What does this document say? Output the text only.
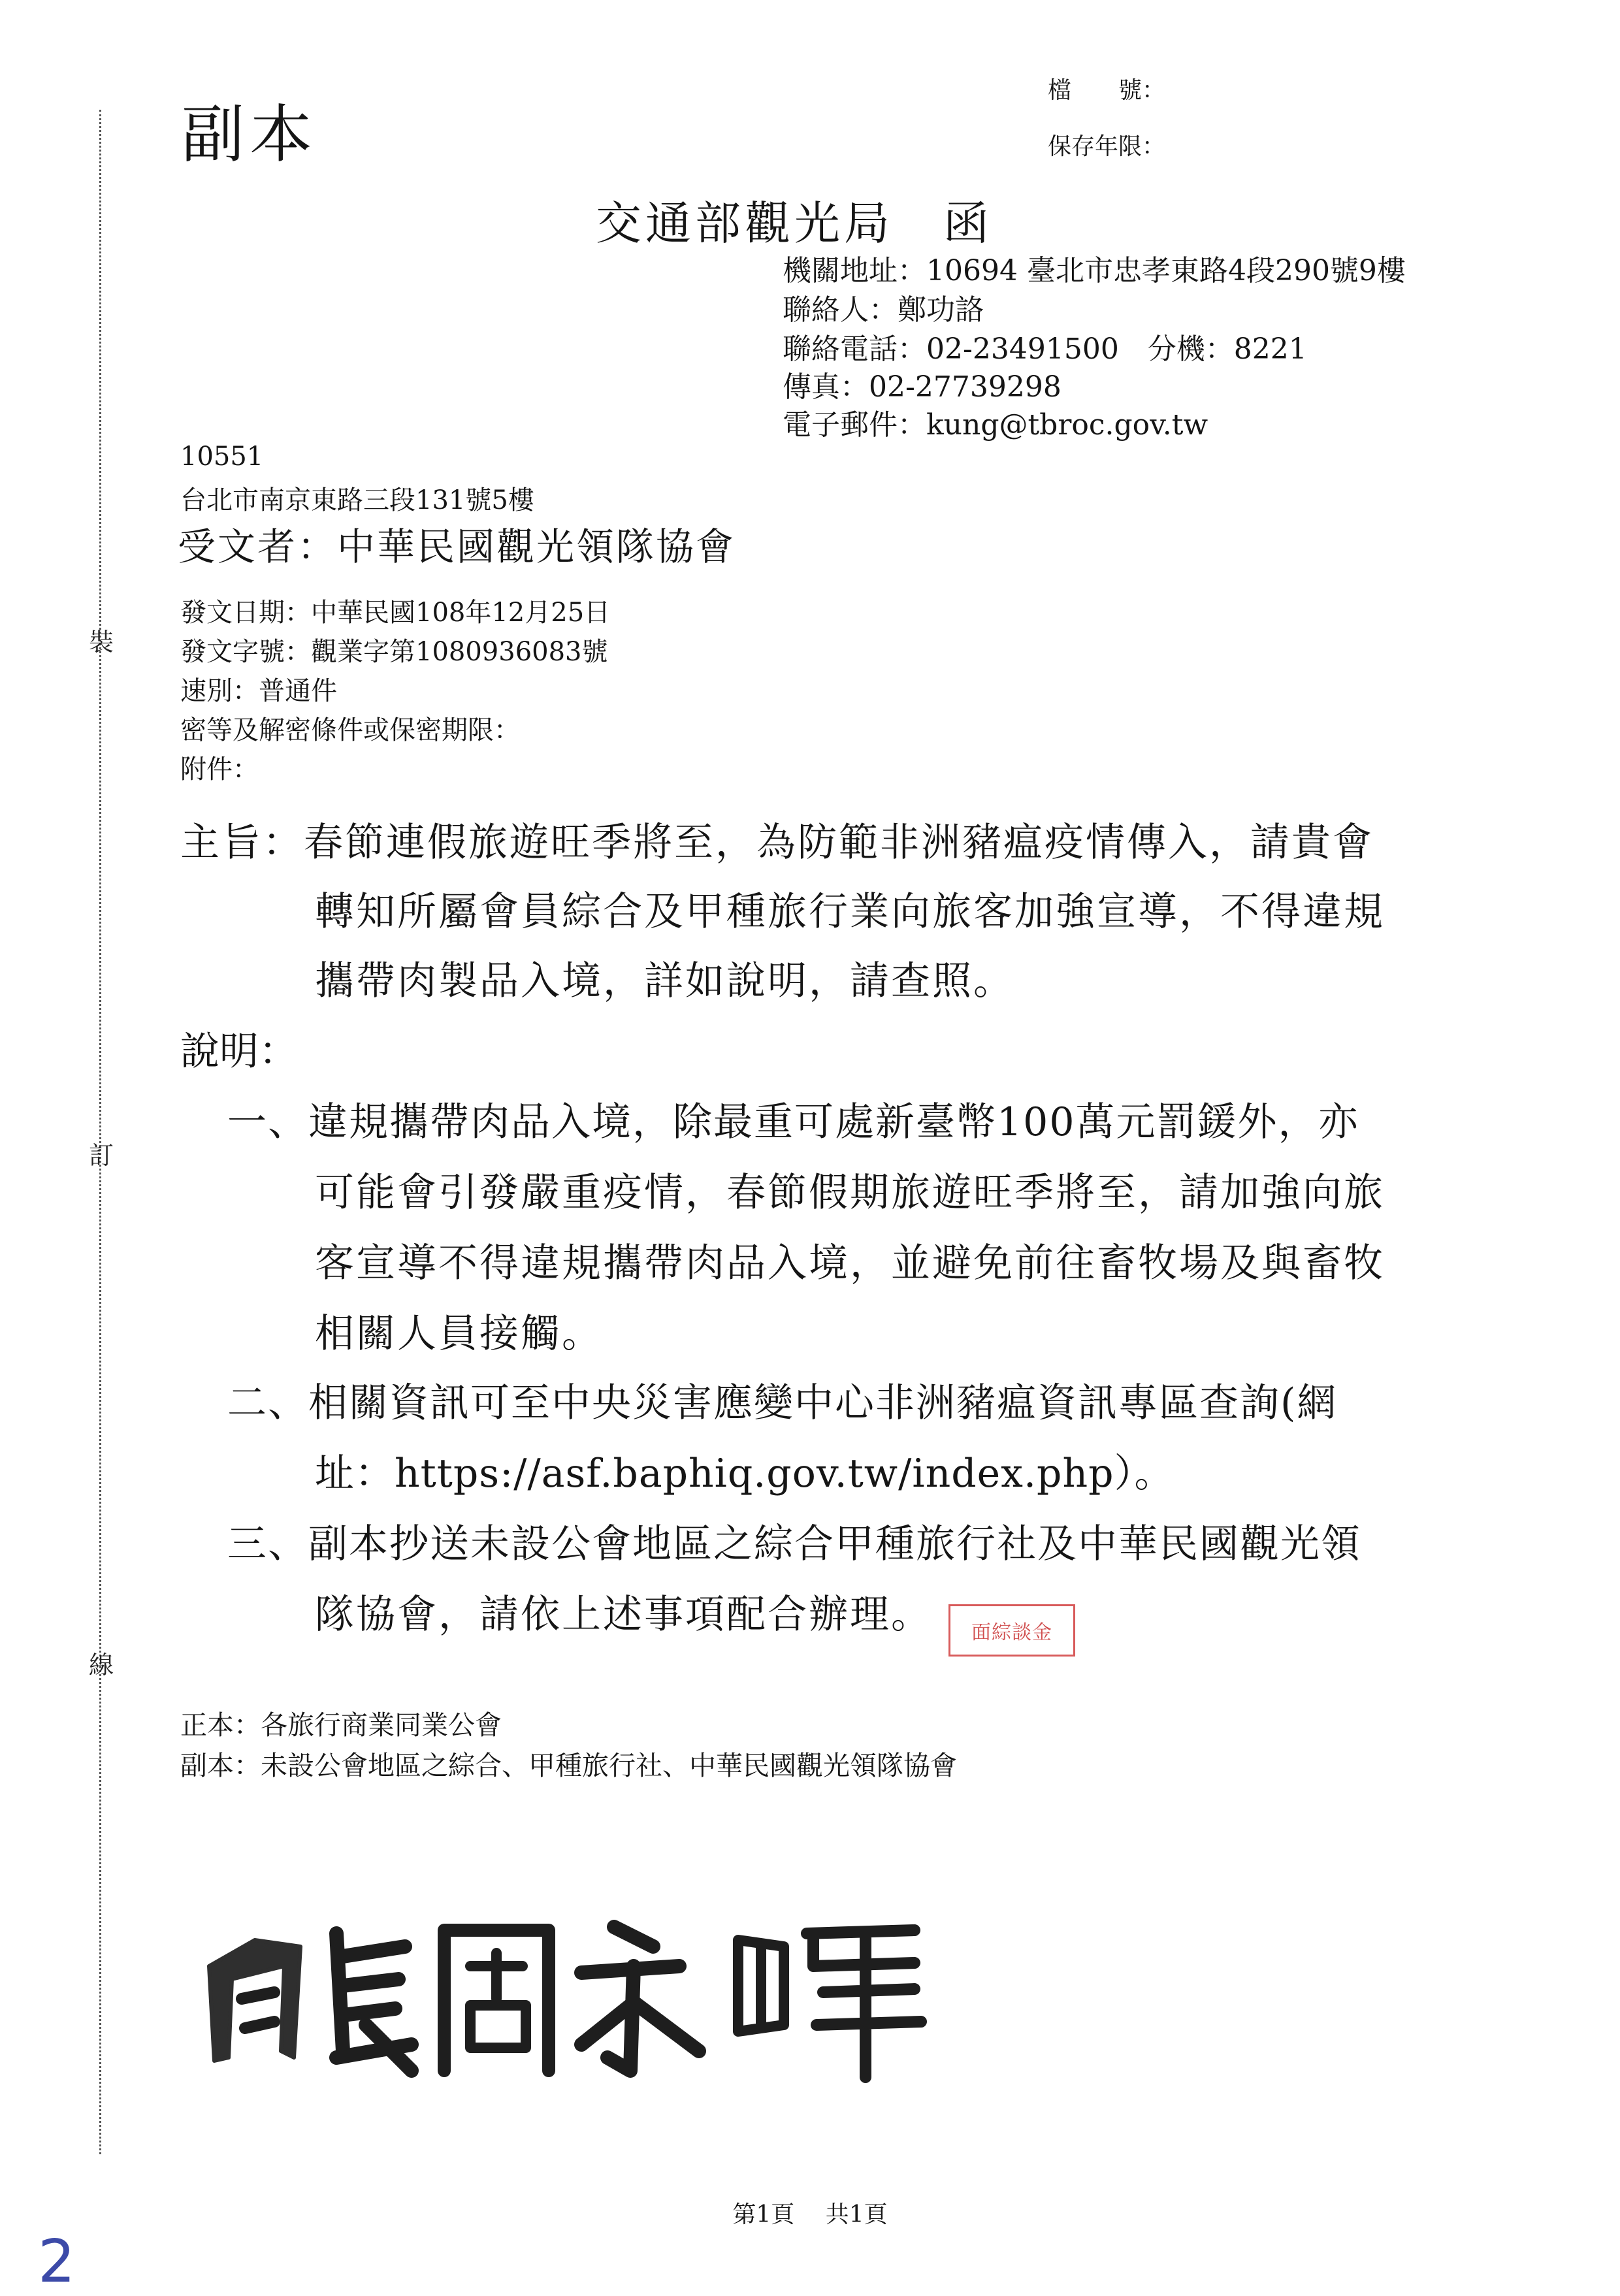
裝
訂
線
副本
檔　　號：
保存年限：
交通部觀光局　函
機關地址：10694 臺北市忠孝東路4段290號9樓
聯絡人：鄭功詻
聯絡電話：02-23491500　分機：8221
傳真：02-27739298
電子郵件：kung@tbroc.gov.tw
10551
台北市南京東路三段131號5樓
受文者：中華民國觀光領隊協會
發文日期：中華民國108年12月25日
發文字號：觀業字第1080936083號
速別：普通件
密等及解密條件或保密期限：
附件：
主旨：春節連假旅遊旺季將至，為防範非洲豬瘟疫情傳入，請貴會
轉知所屬會員綜合及甲種旅行業向旅客加強宣導，不得違規
攜帶肉製品入境，詳如說明，請查照。
說明：
一、違規攜帶肉品入境，除最重可處新臺幣100萬元罰鍰外，亦
可能會引發嚴重疫情，春節假期旅遊旺季將至，請加強向旅
客宣導不得違規攜帶肉品入境，並避免前往畜牧場及與畜牧
相關人員接觸。
二、相關資訊可至中央災害應變中心非洲豬瘟資訊專區查詢(網
址：https://asf.baphiq.gov.tw/index.php）。
三、副本抄送未設公會地區之綜合甲種旅行社及中華民國觀光領
隊協會，請依上述事項配合辦理。 面綜談金
正本：各旅行商業同業公會
副本：未設公會地區之綜合、甲種旅行社、中華民國觀光領隊協會
第1頁 共1頁
2
